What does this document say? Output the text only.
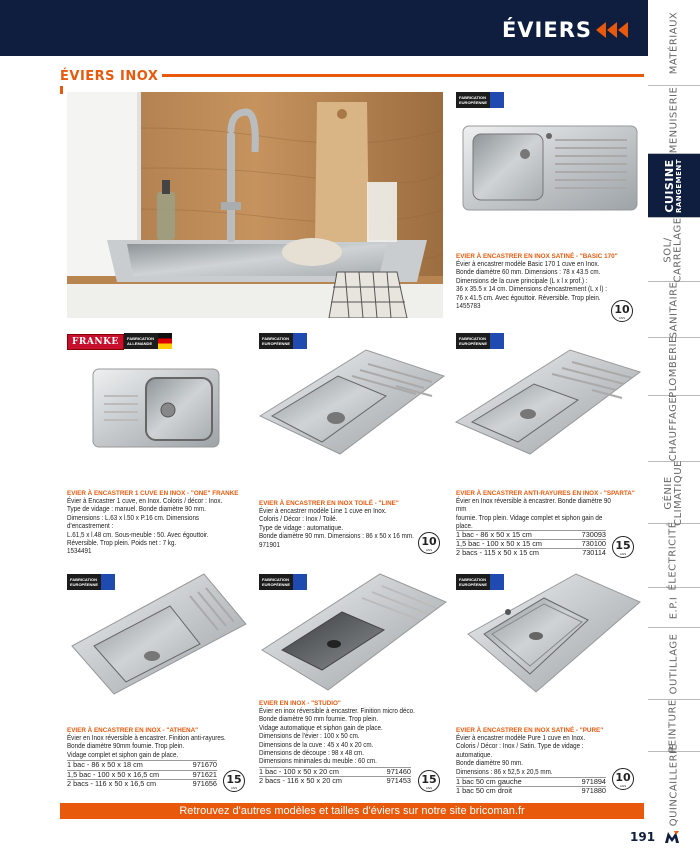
ÉVIERS
ÉVIERS INOX
FABRICATION EUROPÉENNE
EVIER À ENCASTRER EN INOX SATINÉ - "BASIC 170"
Évier à encastrer modèle Basic 170 1 cuve en Inox.
Bonde diamètre 60 mm. Dimensions : 78 x 43.5 cm.
Dimensions de la cuve principale (L x l x prof.) :
36 x 35.5 x 14 cm. Dimensions d'encastrement (L x l) :
76 x 41.5 cm. Avec égouttoir. Réversible. Trop plein.
1455783	10
ANS
FRANKE	FABRICATION ALLEMANDE
FABRICATION EUROPÉENNE
FABRICATION EUROPÉENNE
EVIER À ENCASTRER 1 CUVE EN INOX - "ONE" FRANKE
Évier à Encastrer 1 cuve, en Inox. Coloris / décor : Inox.
Type de vidage : manuel. Bonde diamètre 90 mm.
Dimensions : L.63 x l.50 x P.16 cm. Dimensions d'encastrement :
L.61,5 x l.48 cm. Sous-meuble : 50. Avec égouttoir.
Réversible. Trop plein. Poids net : 7 kg.
1534491
EVIER À ENCASTRER EN INOX TOILÉ - "LINE"
Évier à encastrer modèle Line 1 cuve en Inox.
Coloris / Décor : Inox / Toilé.
Type de vidage : automatique.
Bonde diamètre 90 mm. Dimensions : 86 x 50 x 16 mm.
971901	10
ANS
EVIER À ENCASTRER ANTI-RAYURES EN INOX - "SPARTA"
Évier en Inox réversible à encastrer. Bonde diamètre 90 mm
fournie. Trop plein. Vidage complet et siphon gain de place.
1 bac - 86 x 50 x 15 cm	730093
1,5 bac - 100 x 50 x 15 cm	730100
2 bacs - 115 x 50 x 15 cm	730114
15
ANS
FABRICATION EUROPÉENNE
FABRICATION EUROPÉENNE
FABRICATION EUROPÉENNE
EVIER À ENCASTRER EN INOX - "ATHENA"
Évier en Inox réversible à encastrer. Finition anti-rayures.
Bonde diamètre 90mm fournie. Trop plein.
Vidage complet et siphon gain de place.
1 bac - 86 x 50 x 18 cm	971670
1,5 bac - 100 x 50 x 16,5 cm	971621
2 bacs - 116 x 50 x 16,5 cm	971656 15
ANS
EVIER EN INOX - "STUDIO"
Évier en inox réversible à encastrer. Finition micro déco.
Bonde diamètre 90 mm fournie. Trop plein.
Vidage automatique et siphon gain de place.
Dimensions de l'évier : 100 x 50 cm.
Dimensions de la cuve : 45 x 40 x 20 cm.
Dimensions de découpe : 98 x 48 cm.
Dimensions minimales du meuble : 60 cm.
1 bac - 100 x 50 x 20 cm	971460
2 bacs - 116 x 50 x 20 cm	971453 15
ANS
EVIER À ENCASTRER EN INOX SATINÉ - "PURE"
Évier à encastrer modèle Pure 1 cuve en Inox.
Coloris / Décor : Inox / Satin. Type de vidage : automatique.
Bonde diamètre 90 mm.
Dimensions : 86 x 52,5 x 20,5 mm.
1 bac 50 cm gauche	971894
1 bac 50 cm droit	971880
10
ANS
Retrouvez d'autres modèles et tailles d'éviers sur notre site bricoman.fr
MATÉRIAUX
MENUISERIE
CUISINE RANGEMENT
SOL/ CARRELAGE
SANITAIRE
PLOMBERIE
CHAUFFAGE
GÉNIE CLIMATIQUE
ÉLECTRICITÉ
E.P.I
OUTILLAGE
PEINTURE
QUINCAILLERIE
191
